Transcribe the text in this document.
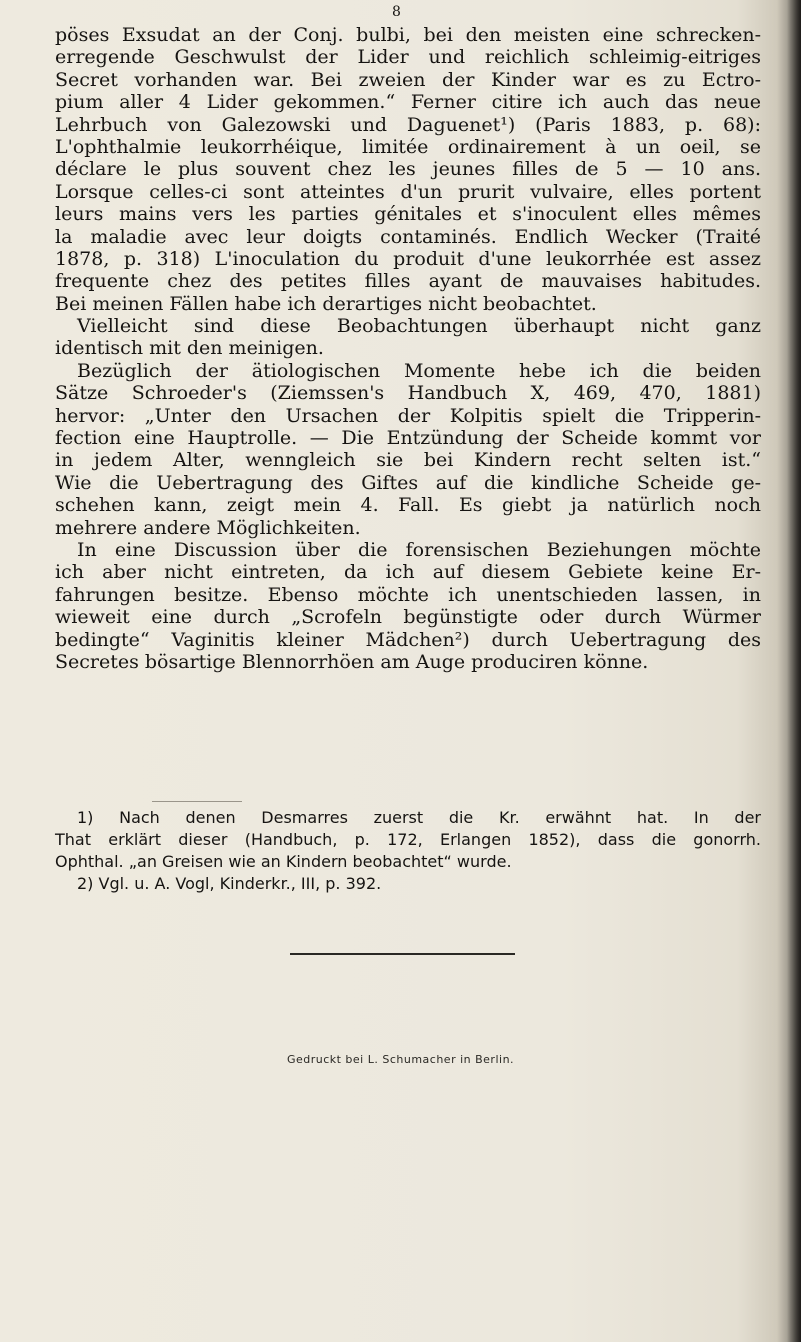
8
pöses Exsudat an der Conj. bulbi, bei den meisten eine schrecken-
erregende Geschwulst der Lider und reichlich schleimig-eitriges
Secret vorhanden war. Bei zweien der Kinder war es zu Ectro-
pium aller 4 Lider gekommen.“ Ferner citire ich auch das neue
Lehrbuch von Galezowski und Daguenet¹) (Paris 1883, p. 68):
L'ophthalmie leukorrhéique, limitée ordinairement à un oeil, se
déclare le plus souvent chez les jeunes filles de 5 — 10 ans.
Lorsque celles-ci sont atteintes d'un prurit vulvaire, elles portent
leurs mains vers les parties génitales et s'inoculent elles mêmes
la maladie avec leur doigts contaminés. Endlich Wecker (Traité
1878, p. 318) L'inoculation du produit d'une leukorrhée est assez
frequente chez des petites filles ayant de mauvaises habitudes.
Bei meinen Fällen habe ich derartiges nicht beobachtet.
Vielleicht sind diese Beobachtungen überhaupt nicht ganz
identisch mit den meinigen.
Bezüglich der ätiologischen Momente hebe ich die beiden
Sätze Schroeder's (Ziemssen's Handbuch X, 469, 470, 1881)
hervor: „Unter den Ursachen der Kolpitis spielt die Tripperin-
fection eine Hauptrolle. — Die Entzündung der Scheide kommt vor
in jedem Alter, wenngleich sie bei Kindern recht selten ist.“
Wie die Uebertragung des Giftes auf die kindliche Scheide ge-
schehen kann, zeigt mein 4. Fall. Es giebt ja natürlich noch
mehrere andere Möglichkeiten.
In eine Discussion über die forensischen Beziehungen möchte
ich aber nicht eintreten, da ich auf diesem Gebiete keine Er-
fahrungen besitze. Ebenso möchte ich unentschieden lassen, in
wieweit eine durch „Scrofeln begünstigte oder durch Würmer
bedingte“ Vaginitis kleiner Mädchen²) durch Uebertragung des
Secretes bösartige Blennorrhöen am Auge produciren könne.
1) Nach denen Desmarres zuerst die Kr. erwähnt hat. In der
That erklärt dieser (Handbuch, p. 172, Erlangen 1852), dass die gonorrh.
Ophthal. „an Greisen wie an Kindern beobachtet“ wurde.
2) Vgl. u. A. Vogl, Kinderkr., III, p. 392.
Gedruckt bei L. Schumacher in Berlin.
